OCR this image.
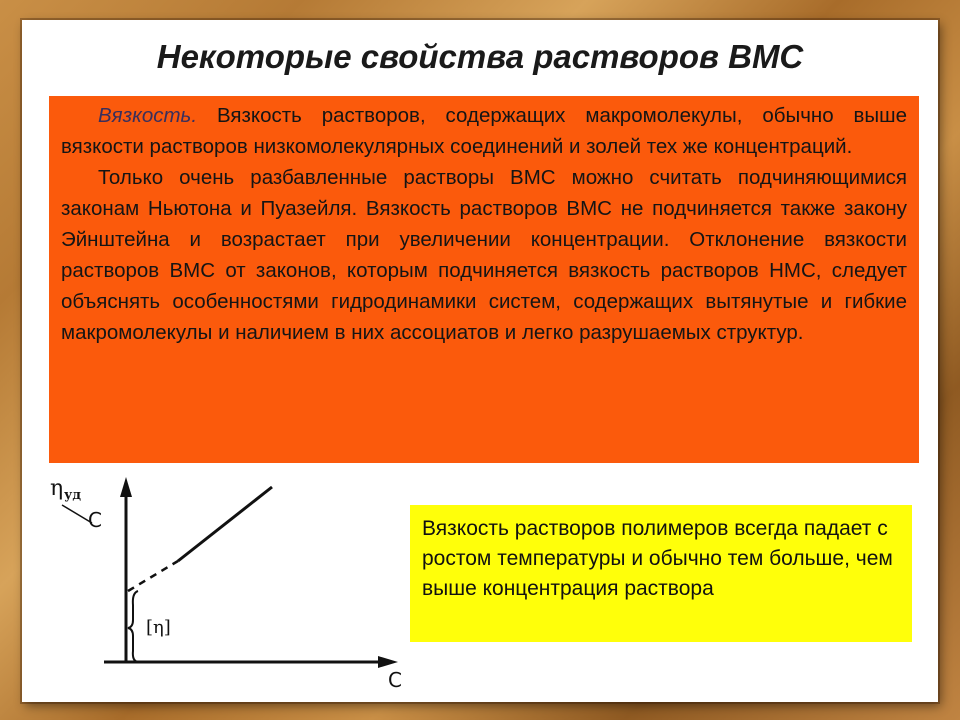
Некоторые свойства растворов ВМС

Вязкость. Вязкость растворов, содержащих макромолекулы, обычно выше вязкости растворов низкомолекулярных соединений и золей тех же концентраций.

Только очень разбавленные растворы ВМС можно считать подчиняющимися законам Ньютона и Пуазейля. Вязкость растворов ВМС не подчиняется также закону Эйнштейна и возрастает при увеличении концентрации. Отклонение вязкости растворов ВМС от законов, которым подчиняется вязкость растворов НМС, следует объяснять особенностями гидродинамики систем, содержащих вытянутые и гибкие макромолекулы и наличием в них ассоциатов и легко разрушаемых структур.

η уд
C
[η]
C

Вязкость растворов полимеров всегда падает с ростом температуры и обычно тем больше, чем выше концентрация раствора
